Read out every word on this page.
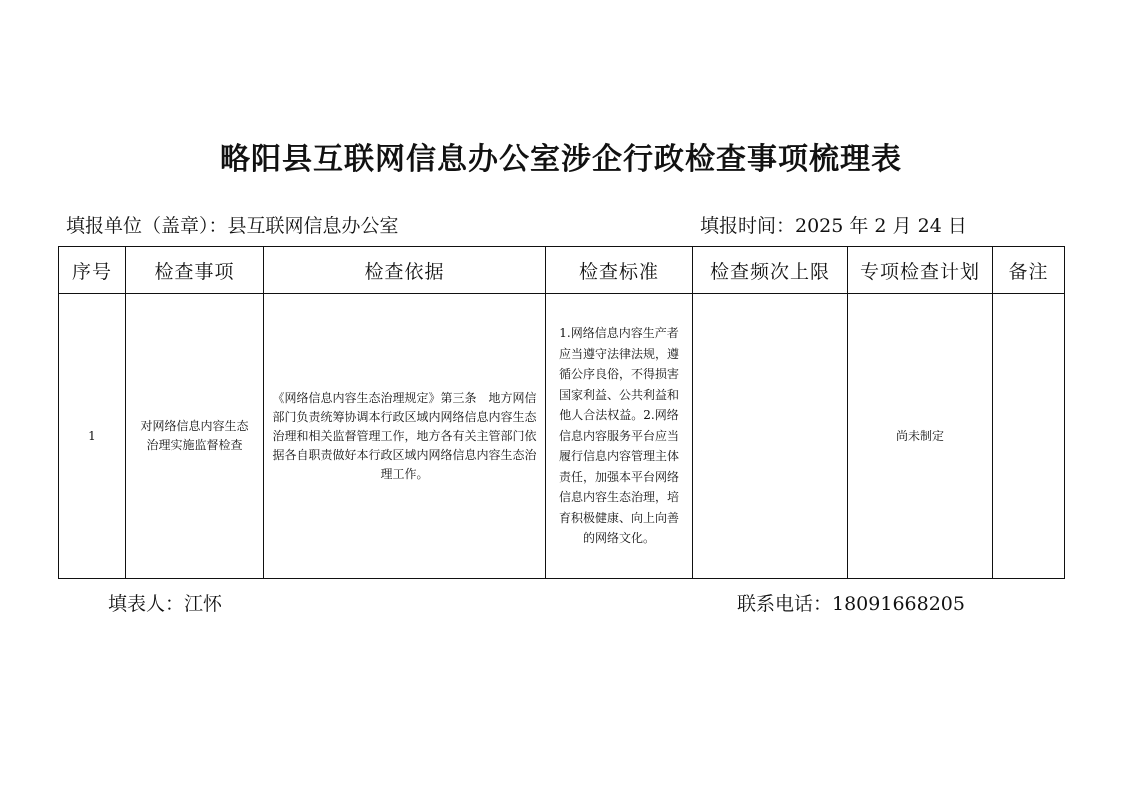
略阳县互联网信息办公室涉企行政检查事项梳理表
填报单位（盖章）：县互联网信息办公室	填报时间：2025 年 2 月 24 日
序号	检查事项	检查依据	检查标准	检查频次上限	专项检查计划	备注
1	对网络信息内容生态治理实施监督检查	《网络信息内容生态治理规定》第三条　地方网信部门负责统筹协调本行政区域内网络信息内容生态治理和相关监督管理工作，地方各有关主管部门依据各自职责做好本行政区域内网络信息内容生态治理工作。	1.网络信息内容生产者应当遵守法律法规，遵循公序良俗，不得损害国家利益、公共利益和他人合法权益。2.网络信息内容服务平台应当履行信息内容管理主体责任，加强本平台网络信息内容生态治理，培育积极健康、向上向善的网络文化。		尚未制定	
填表人：江怀	联系电话：18091668205
